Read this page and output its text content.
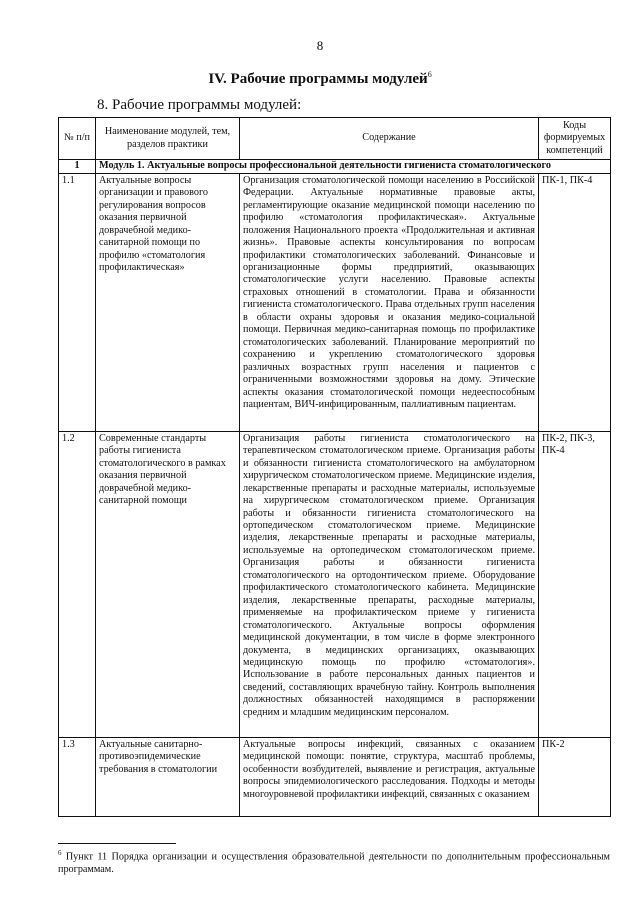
8
IV. Рабочие программы модулей$^6$
8. Рабочие программы модулей:
№ п/п	Наименование модулей, тем, разделов практики	Содержание	Коды формируемых компетенций
1	Модуль 1. Актуальные вопросы профессиональной деятельности гигиениста стоматологического		
1.1	Актуальные вопросы организации и правового регулирования вопросов оказания первичной доврачебной медико-санитарной помощи по профилю «стоматология профилактическая»	Организация стоматологической помощи населению в Российской Федерации. Актуальные нормативные правовые акты, регламентирующие оказание медицинской помощи населению по профилю «стоматология профилактическая». Актуальные положения Национального проекта «Продолжительная и активная жизнь». Правовые аспекты консультирования по вопросам профилактики стоматологических заболеваний. Финансовые и организационные формы предприятий, оказывающих стоматологические услуги населению. Правовые аспекты страховых отношений в стоматологии. Права и обязанности гигиениста стоматологического. Права отдельных групп населения в области охраны здоровья и оказания медико-социальной помощи. Первичная медико-санитарная помощь по профилактике стоматологических заболеваний. Планирование мероприятий по сохранению и укреплению стоматологического здоровья различных возрастных групп населения и пациентов с ограниченными возможностями здоровья на дому. Этические аспекты оказания стоматологической помощи недееспособным пациентам, ВИЧ-инфицированным, паллиативным пациентам.	ПК-1, ПК-4
1.2	Современные стандарты работы гигиениста стоматологического в рамках оказания первичной доврачебной медико-санитарной помощи	Организация работы гигиениста стоматологического на терапевтическом стоматологическом приеме. Организация работы и обязанности гигиениста стоматологического на амбулаторном хирургическом стоматологическом приеме. Медицинские изделия, лекарственные препараты и расходные материалы, используемые на хирургическом стоматологическом приеме. Организация работы и обязанности гигиениста стоматологического на ортопедическом стоматологическом приеме. Медицинские изделия, лекарственные препараты и расходные материалы, используемые на ортопедическом стоматологическом приеме. Организация работы и обязанности гигиениста стоматологического на ортодонтическом приеме. Оборудование профилактического стоматологического кабинета. Медицинские изделия, лекарственные препараты, расходные материалы, применяемые на профилактическом приеме у гигиениста стоматологического. Актуальные вопросы оформления медицинской документации, в том числе в форме электронного документа, в медицинских организациях, оказывающих медицинскую помощь по профилю «стоматология». Использование в работе персональных данных пациентов и сведений, составляющих врачебную тайну. Контроль выполнения должностных обязанностей находящимся в распоряжении средним и младшим медицинским персоналом.	ПК-2, ПК-3, ПК-4
1.3	Актуальные санитарно-противоэпидемические требования в стоматологии	Актуальные вопросы инфекций, связанных с оказанием медицинской помощи: понятие, структура, масштаб проблемы, особенности возбудителей, выявление и регистрация, актуальные вопросы эпидемиологического расследования. Подходы и методы многоуровневой профилактики инфекций, связанных с оказанием	ПК-2
$^6$ Пункт 11 Порядка организации и осуществления образовательной деятельности по дополнительным профессиональным программам.
